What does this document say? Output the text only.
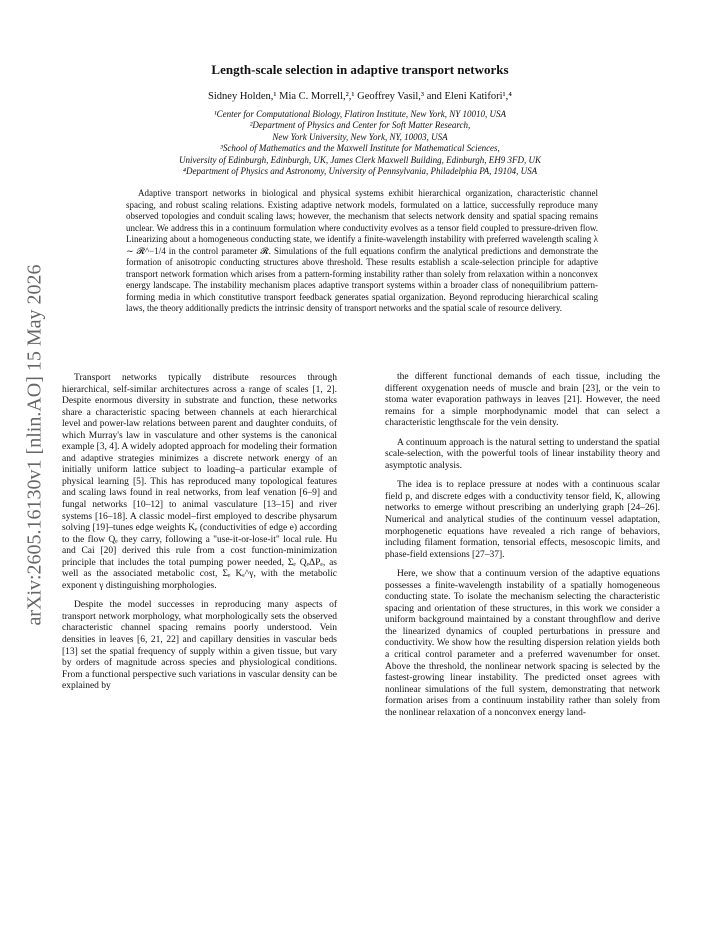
arXiv:2605.16130v1 [nlin.AO] 15 May 2026
Length-scale selection in adaptive transport networks
Sidney Holden,¹ Mia C. Morrell,²,¹ Geoffrey Vasil,³ and Eleni Katifori¹,⁴
¹Center for Computational Biology, Flatiron Institute, New York, NY 10010, USA
²Department of Physics and Center for Soft Matter Research,
New York University, New York, NY, 10003, USA
³School of Mathematics and the Maxwell Institute for Mathematical Sciences,
University of Edinburgh, Edinburgh, UK, James Clerk Maxwell Building, Edinburgh, EH9 3FD, UK
⁴Department of Physics and Astronomy, University of Pennsylvania, Philadelphia PA, 19104, USA
Adaptive transport networks in biological and physical systems exhibit hierarchical organization, characteristic channel spacing, and robust scaling relations. Existing adaptive network models, formulated on a lattice, successfully reproduce many observed topologies and conduit scaling laws; however, the mechanism that selects network density and spatial spacing remains unclear. We address this in a continuum formulation where conductivity evolves as a tensor field coupled to pressure-driven flow. Linearizing about a homogeneous conducting state, we identify a finite-wavelength instability with preferred wavelength scaling λ ∼ 𝓡^−1/4 in the control parameter 𝓡. Simulations of the full equations confirm the analytical predictions and demonstrate the formation of anisotropic conducting structures above threshold. These results establish a scale-selection principle for adaptive transport network formation which arises from a pattern-forming instability rather than solely from relaxation within a nonconvex energy landscape. The instability mechanism places adaptive transport systems within a broader class of nonequilibrium pattern-forming media in which constitutive transport feedback generates spatial organization. Beyond reproducing hierarchical scaling laws, the theory additionally predicts the intrinsic density of transport networks and the spatial scale of resource delivery.

Transport networks typically distribute resources through hierarchical, self-similar architectures across a range of scales [1, 2]. Despite enormous diversity in substrate and function, these networks share a characteristic spacing between channels at each hierarchical level and power-law relations between parent and daughter conduits, of which Murray's law in vasculature and other systems is the canonical example [3, 4]. A widely adopted approach for modeling their formation and adaptive strategies minimizes a discrete network energy of an initially uniform lattice subject to loading–a particular example of physical learning [5]. This has reproduced many topological features and scaling laws found in real networks, from leaf venation [6–9] and fungal networks [10–12] to animal vasculature [13–15] and river systems [16–18]. A classic model–first employed to describe physarum solving [19]–tunes edge weights Kₑ (conductivities of edge e) according to the flow Qₑ they carry, following a "use-it-or-lose-it" local rule. Hu and Cai [20] derived this rule from a cost function-minimization principle that includes the total pumping power needed, Σₑ QₑΔPₑ, as well as the associated metabolic cost, Σₑ Kₑ^γ, with the metabolic exponent γ distinguishing morphologies.

Despite the model successes in reproducing many aspects of transport network morphology, what morphologically sets the observed characteristic channel spacing remains poorly understood. Vein densities in leaves [6, 21, 22] and capillary densities in vascular beds [13] set the spatial frequency of supply within a given tissue, but vary by orders of magnitude across species and physiological conditions. From a functional perspective such variations in vascular density can be explained by

the different functional demands of each tissue, including the different oxygenation needs of muscle and brain [23], or the vein to stoma water evaporation pathways in leaves [21]. However, the need remains for a simple morphodynamic model that can select a characteristic lengthscale for the vein density.

A continuum approach is the natural setting to understand the spatial scale-selection, with the powerful tools of linear instability theory and asymptotic analysis.

The idea is to replace pressure at nodes with a continuous scalar field p, and discrete edges with a conductivity tensor field, K, allowing networks to emerge without prescribing an underlying graph [24–26]. Numerical and analytical studies of the continuum vessel adaptation, morphogenetic equations have revealed a rich range of behaviors, including filament formation, tensorial effects, mesoscopic limits, and phase-field extensions [27–37].

Here, we show that a continuum version of the adaptive equations possesses a finite-wavelength instability of a spatially homogeneous conducting state. To isolate the mechanism selecting the characteristic spacing and orientation of these structures, in this work we consider a uniform background maintained by a constant throughflow and derive the linearized dynamics of coupled perturbations in pressure and conductivity. We show how the resulting dispersion relation yields both a critical control parameter and a preferred wavenumber for onset. Above the threshold, the nonlinear network spacing is selected by the fastest-growing linear instability. The predicted onset agrees with nonlinear simulations of the full system, demonstrating that network formation arises from a continuum instability rather than solely from the nonlinear relaxation of a nonconvex energy land-
